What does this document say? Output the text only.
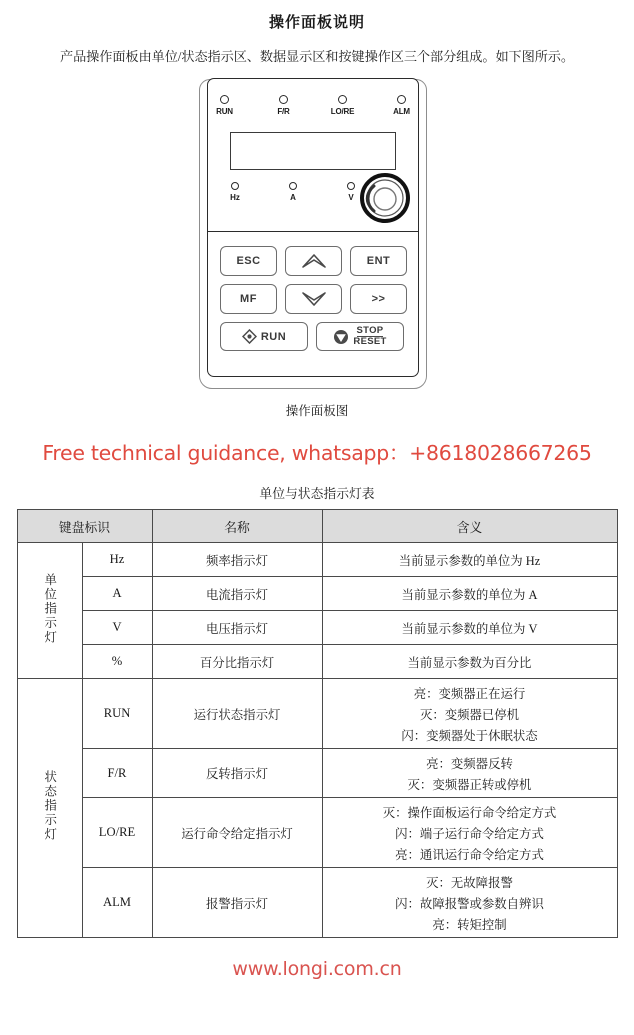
操作面板说明

产品操作面板由单位/状态指示区、数据显示区和按键操作区三个部分组成。如下图所示。

RUN	F/R	LO/RE	ALM
Hz	A	V
ESC	ENT
MF	>>
RUN	STOP
RESET
操作面板图
Free technical guidance, whatsapp：+8618028667265
单位与状态指示灯表
键盘标识		名称	含义
单位指示灯	Hz	频率指示灯	当前显示参数的单位为 Hz

	A	电流指示灯	当前显示参数的单位为 A

	V	电压指示灯	当前显示参数的单位为 V

	%	百分比指示灯	当前显示参数为百分比

状态指示灯	RUN	运行状态指示灯	亮：变频器正在运行
灭：变频器已停机
闪：变频器处于休眠状态

	F/R	反转指示灯	亮：变频器反转
灭：变频器正转或停机

	LO/RE	运行命令给定指示灯	灭：操作面板运行命令给定方式
闪：端子运行命令给定方式
亮：通讯运行命令给定方式

	ALM	报警指示灯	灭：无故障报警
闪：故障报警或参数自辨识
亮：转矩控制
www.longi.com.cn
